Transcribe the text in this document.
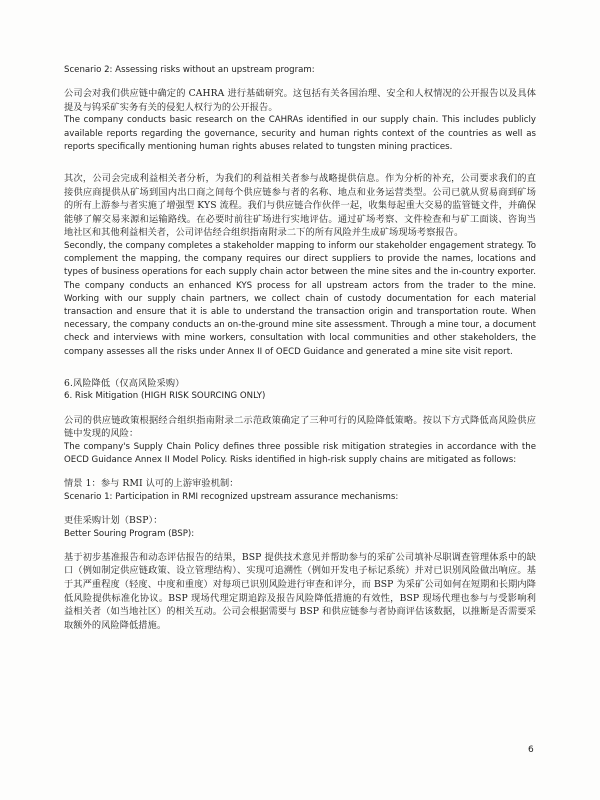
Scenario 2: Assessing risks without an upstream program:

公司会对我们供应链中确定的 CAHRA 进行基础研究。这包括有关各国治理、安全和人权情况的公开报告以及具体提及与钨采矿实务有关的侵犯人权行为的公开报告。

The company conducts basic research on the CAHRAs identified in our supply chain. This includes publicly available reports regarding the governance, security and human rights context of the countries as well as reports specifically mentioning human rights abuses related to tungsten mining practices.

其次，公司会完成利益相关者分析，为我们的利益相关者参与战略提供信息。作为分析的补充，公司要求我们的直接供应商提供从矿场到国内出口商之间每个供应链参与者的名称、地点和业务运营类型。公司已就从贸易商到矿场的所有上游参与者实施了增强型 KYS 流程。我们与供应链合作伙伴一起，收集每起重大交易的监管链文件，并确保能够了解交易来源和运输路线。在必要时前往矿场进行实地评估。通过矿场考察、文件检查和与矿工面谈、咨询当地社区和其他利益相关者，公司评估经合组织指南附录二下的所有风险并生成矿场现场考察报告。

Secondly, the company completes a stakeholder mapping to inform our stakeholder engagement strategy. To complement the mapping, the company requires our direct suppliers to provide the names, locations and types of business operations for each supply chain actor between the mine sites and the in-country exporter. The company conducts an enhanced KYS process for all upstream actors from the trader to the mine. Working with our supply chain partners, we collect chain of custody documentation for each material transaction and ensure that it is able to understand the transaction origin and transportation route. When necessary, the company conducts an on-the-ground mine site assessment. Through a mine tour, a document check and interviews with mine workers, consultation with local communities and other stakeholders, the company assesses all the risks under Annex II of OECD Guidance and generated a mine site visit report.

6.风险降低（仅高风险采购）

6. Risk Mitigation (HIGH RISK SOURCING ONLY)

公司的供应链政策根据经合组织指南附录二示范政策确定了三种可行的风险降低策略。按以下方式降低高风险供应链中发现的风险：

The company's Supply Chain Policy defines three possible risk mitigation strategies in accordance with the OECD Guidance Annex II Model Policy. Risks identified in high-risk supply chains are mitigated as follows:

情景 1：参与 RMI 认可的上游审验机制：

Scenario 1: Participation in RMI recognized upstream assurance mechanisms:

更佳采购计划（BSP）：

Better Souring Program (BSP):

基于初步基准报告和动态评估报告的结果，BSP 提供技术意见并帮助参与的采矿公司填补尽职调查管理体系中的缺口（例如制定供应链政策、设立管理结构）、实现可追溯性（例如开发电子标记系统）并对已识别风险做出响应。基于其严重程度（轻度、中度和重度）对每项已识别风险进行审查和评分，而 BSP 为采矿公司如何在短期和长期内降低风险提供标准化协议。BSP 现场代理定期追踪及报告风险降低措施的有效性，BSP 现场代理也参与与受影响利益相关者（如当地社区）的相关互动。公司会根据需要与 BSP 和供应链参与者协商评估该数据，以推断是否需要采取额外的风险降低措施。

6
